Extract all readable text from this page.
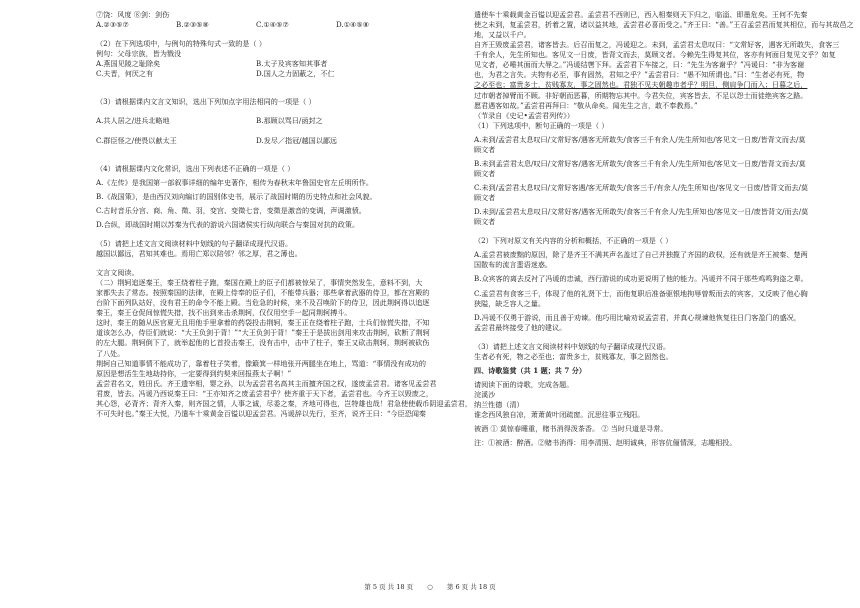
⑦饶：风度 ⑧剑：剑伤
A.②③⑤⑦	B.②③⑤⑧	C.①④⑤⑦	D.①④⑤⑧
（2）在下列选项中，与例句的特殊句式一致的是（ ）
例句：父母宗族，皆为戮没
A.燕国见陵之耻除矣	B.太子及宾客知其事者
C.夫晋，何厌之有	D.国人之力固蔽之，不仁
（3）请根据课内文言文知识，选出下列加点字用法相同的一项是（ ）
A.共人居之/进兵北略地	B.那顾以骂曰/函封之
C.群臣怪之/使畏以献太王	D.发尽／指冠/越国以鄙远
（4）请根据课内文化常识，选出下列表述不正确的一项是（ ）
A.《左传》是我国第一部叙事详细的编年史著作，相传为春秋末年鲁国史官左丘明所作。
B.《战国策》，是由西汉刘向编订的国别体史书，展示了战国时期的历史特点和社会风貌。
C.古时音乐分宫、商、角、徵、羽，变宫、变徵七音，变徵是激音的变调，声调激愤。
D.合纵，即战国时期以苏秦为代表的游说六国诸侯实行纵向联合与秦国对抗的政策。
（5）请把上述文言文阅读材料中划线的句子翻译成现代汉语。
越国以鄙远，君知其难也。焉用亡郑以陪邻？邻之厚，君之薄也。
文言文阅读。
（二）荆轲追逐秦王，秦王绕着柱子跑，秦国在殿上的臣子们都被惊呆了，事情突然发生，意料不到，大
家都失去了常态。按照秦国的法律，在殿上侍奉的臣子们，不能带兵器；那些拿着武器的侍卫，都在宫殿的
台阶下面列队站好，没有君王的命令不能上殿。当危急的时候，来不及召唤阶下的侍卫，因此荆轲得以追逐
秦王，秦王仓促间惊慌失措，找不出到来击杀荆轲，仅仅用空手一起同荆轲搏斗。
这时，秦王的随从医官夏无且用他手里拿着的药袋投击荆轲，秦王正在绕着柱子跑，士兵们惊慌失措，不知
道该怎么办，侍臣们就说：“大王负剑于背！”“大王负剑于背！”秦王于是拔出剑用来攻击荆轲，砍断了荆轲
的左大腿。荆轲倒下了，就举起他的匕首投击秦王，没有击中，击中了柱子，秦王又砍击荆轲，荆轲被砍伤
了八处。
荆轲自己知道事情不能成功了，靠着柱子笑着，像簸箕一样地张开两腿坐在地上，骂道：“事情没有成功的
原因是想活生生地劫持你，一定要得到约契来回报燕太子啊！”
孟尝君名文，姓田氏。齐王遗宰相，婴之孙，以为孟尝君名高其主而擅齐国之权，遂废孟尝君。诸客见孟尝君
君废，皆去。冯谖乃西说秦王曰：“王亦知齐之废孟尝君乎？使齐重于天下者，孟尝君也。今齐王以毁废之，
其心怨，必背齐；背齐入秦，则齐国之情，人事之诚，尽委之秦，齐地可得也，岂特雄也哉！君急使使载币阴迎孟尝君，
不可失时也。”秦王大悦，乃遣车十乘黄金百镒以迎孟尝君。冯谖辞以先行，至齐，说齐王曰：“今臣恐闻秦
遣使车十乘载黄金百镒以迎孟尝君。孟尝君不西则已，西入相秦则天下归之，临淄、即墨危矣。王何不先秦
使之未到，复孟尝君，折着之置，诸以益其地，孟尝君必喜而受之。”齐王曰：“善。”王召孟尝君而复其相位，而与其故邑之
地，又益以千户。
自齐王毁废孟尝君，诸客皆去。后召而复之，冯谖迎之。未到，孟尝君太息叹曰：“文常好客，遇客无所敢失，食客三
千有余人，先生所知也。客见文一日废，皆背文而去，莫顾文者。今赖先生得复其位，客亦有何面目复见文乎？如复
见文者，必唾其面而大辱之。”冯谖结辔下拜。孟尝君下车接之，曰：“先生为客谢乎？”冯谖曰：“非为客谢
也，为君之言失。夫物有必至，事有固然，君知之乎？”孟尝君曰：“愚不知所谓也。”曰：“生者必有死，物
之必至也；富贵多士，贫贱寡友，事之固然也。君独不见夫朝趣市者乎？明旦，侧肩争门而入；日暮之后，
过市朝者掉臂而不顾。非好朝而恶暮，所期物忘其中。今君失位，宾客皆去，不足以怨士而徒绝宾客之路。
愿君遇客如故。”孟尝君再拜曰：“敬从命矣。闻先生之言，敢不奉教焉。”
（节录自《史记•孟尝君列传》）
（1）下列选项中，断句正确的一项是（ ）
A.未到/孟尝君太息叹曰/文常好客/遇客无所敢失/食客三千有余人/先生所知也/客见文一日废/皆背文而去/莫
顾文者
B.未到孟尝君太息/叹曰/文常好客/遇客无所敢失/食客三千有余人/先生所知也/客见文一日废/皆背文而去/莫
顾文者
C.未到/孟尝君太息叹曰/文常好客遇/客无所敢失/食客三千/有余人/先生所知也/客见文一日废/皆背文而去/莫
顾文者
D.未到/孟尝君太息叹曰/文常好客/遇客无所敢失/食客三千有余人/先生所知也/客见文一日/废皆背文/而去/莫
顾文者
（2）下列对原文有关内容的分析和概括，不正确的一项是（ ）
A.孟尝君被废黜的原因，除了是齐王不满其声名盖过了自己并独揽了齐国的政权，还有就是齐王被秦、楚两
国散布的流言蜚语迷惑。
B.众宾客的离去反衬了冯谖的忠诚，西行游说的成功更说明了他的能力。冯谖并不同于那些鸡鸣狗盗之辈。
C.孟尝君有食客三千，体现了他的礼贤下士，而他复职后准备驱银地拘辱曾叛而去的宾客，又反映了他心胸
狭隘，缺乏容人之量。
D.冯谖不仅勇于游说，而且善于劝谏。他巧用比喻劝说孟尝君，并真心规谏他恢复往日门客盈门的盛况，
孟尝君最终接受了他的建议。
（3）请把上述文言文阅读材料中划线的句子翻译成现代汉语。
生者必有死，物之必至也；富贵多士，贫贱寡友，事之固然也。
四、诗歌鉴赏（共 1 题；共 7 分）
请阅读下面的诗歌，完成各题。
浣溪沙
纳兰性德（清）
谁念西风独自凉，萧萧黄叶闭疏窗。沉思往事立残阳。
被酒 ① 莫惊春睡重，赌书消得泼茶香。 ② 当时只道是寻常。
注：①被酒：醉酒。②赌书消得：用李清照、赵明诚典，形容伉俪情深，志趣相投。
第 5 页 共 18 页 ○ 第 6 页 共 18 页
